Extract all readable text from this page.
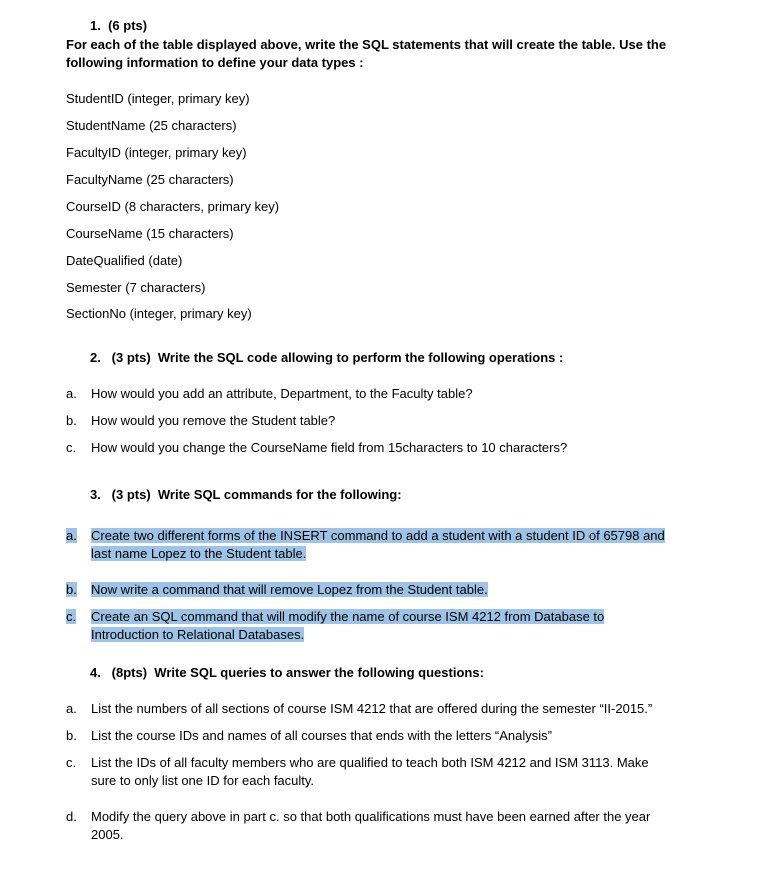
1. (6 pts)
For each of the table displayed above, write the SQL statements that will create the table. Use the
following information to define your data types :
StudentID (integer, primary key)
StudentName (25 characters)
FacultyID (integer, primary key)
FacultyName (25 characters)
CourseID (8 characters, primary key)
CourseName (15 characters)
DateQualified (date)
Semester (7 characters)
SectionNo (integer, primary key)
2.   (3 pts)  Write the SQL code allowing to perform the following operations :
a.	How would you add an attribute, Department, to the Faculty table?
b.	How would you remove the Student table?
c.	How would you change the CourseName field from 15characters to 10 characters?
3.   (3 pts)  Write SQL commands for the following:
a.	Create two different forms of the INSERT command to add a student with a student ID of 65798 and
last name Lopez to the Student table.
b.	Now write a command that will remove Lopez from the Student table.
c.	Create an SQL command that will modify the name of course ISM 4212 from Database to
Introduction to Relational Databases.
4.   (8pts)  Write SQL queries to answer the following questions:
a.	List the numbers of all sections of course ISM 4212 that are offered during the semester “II-2015.”
b.	List the course IDs and names of all courses that ends with the letters “Analysis”
c.	List the IDs of all faculty members who are qualified to teach both ISM 4212 and ISM 3113. Make
sure to only list one ID for each faculty.
d.	Modify the query above in part c. so that both qualifications must have been earned after the year
2005.
